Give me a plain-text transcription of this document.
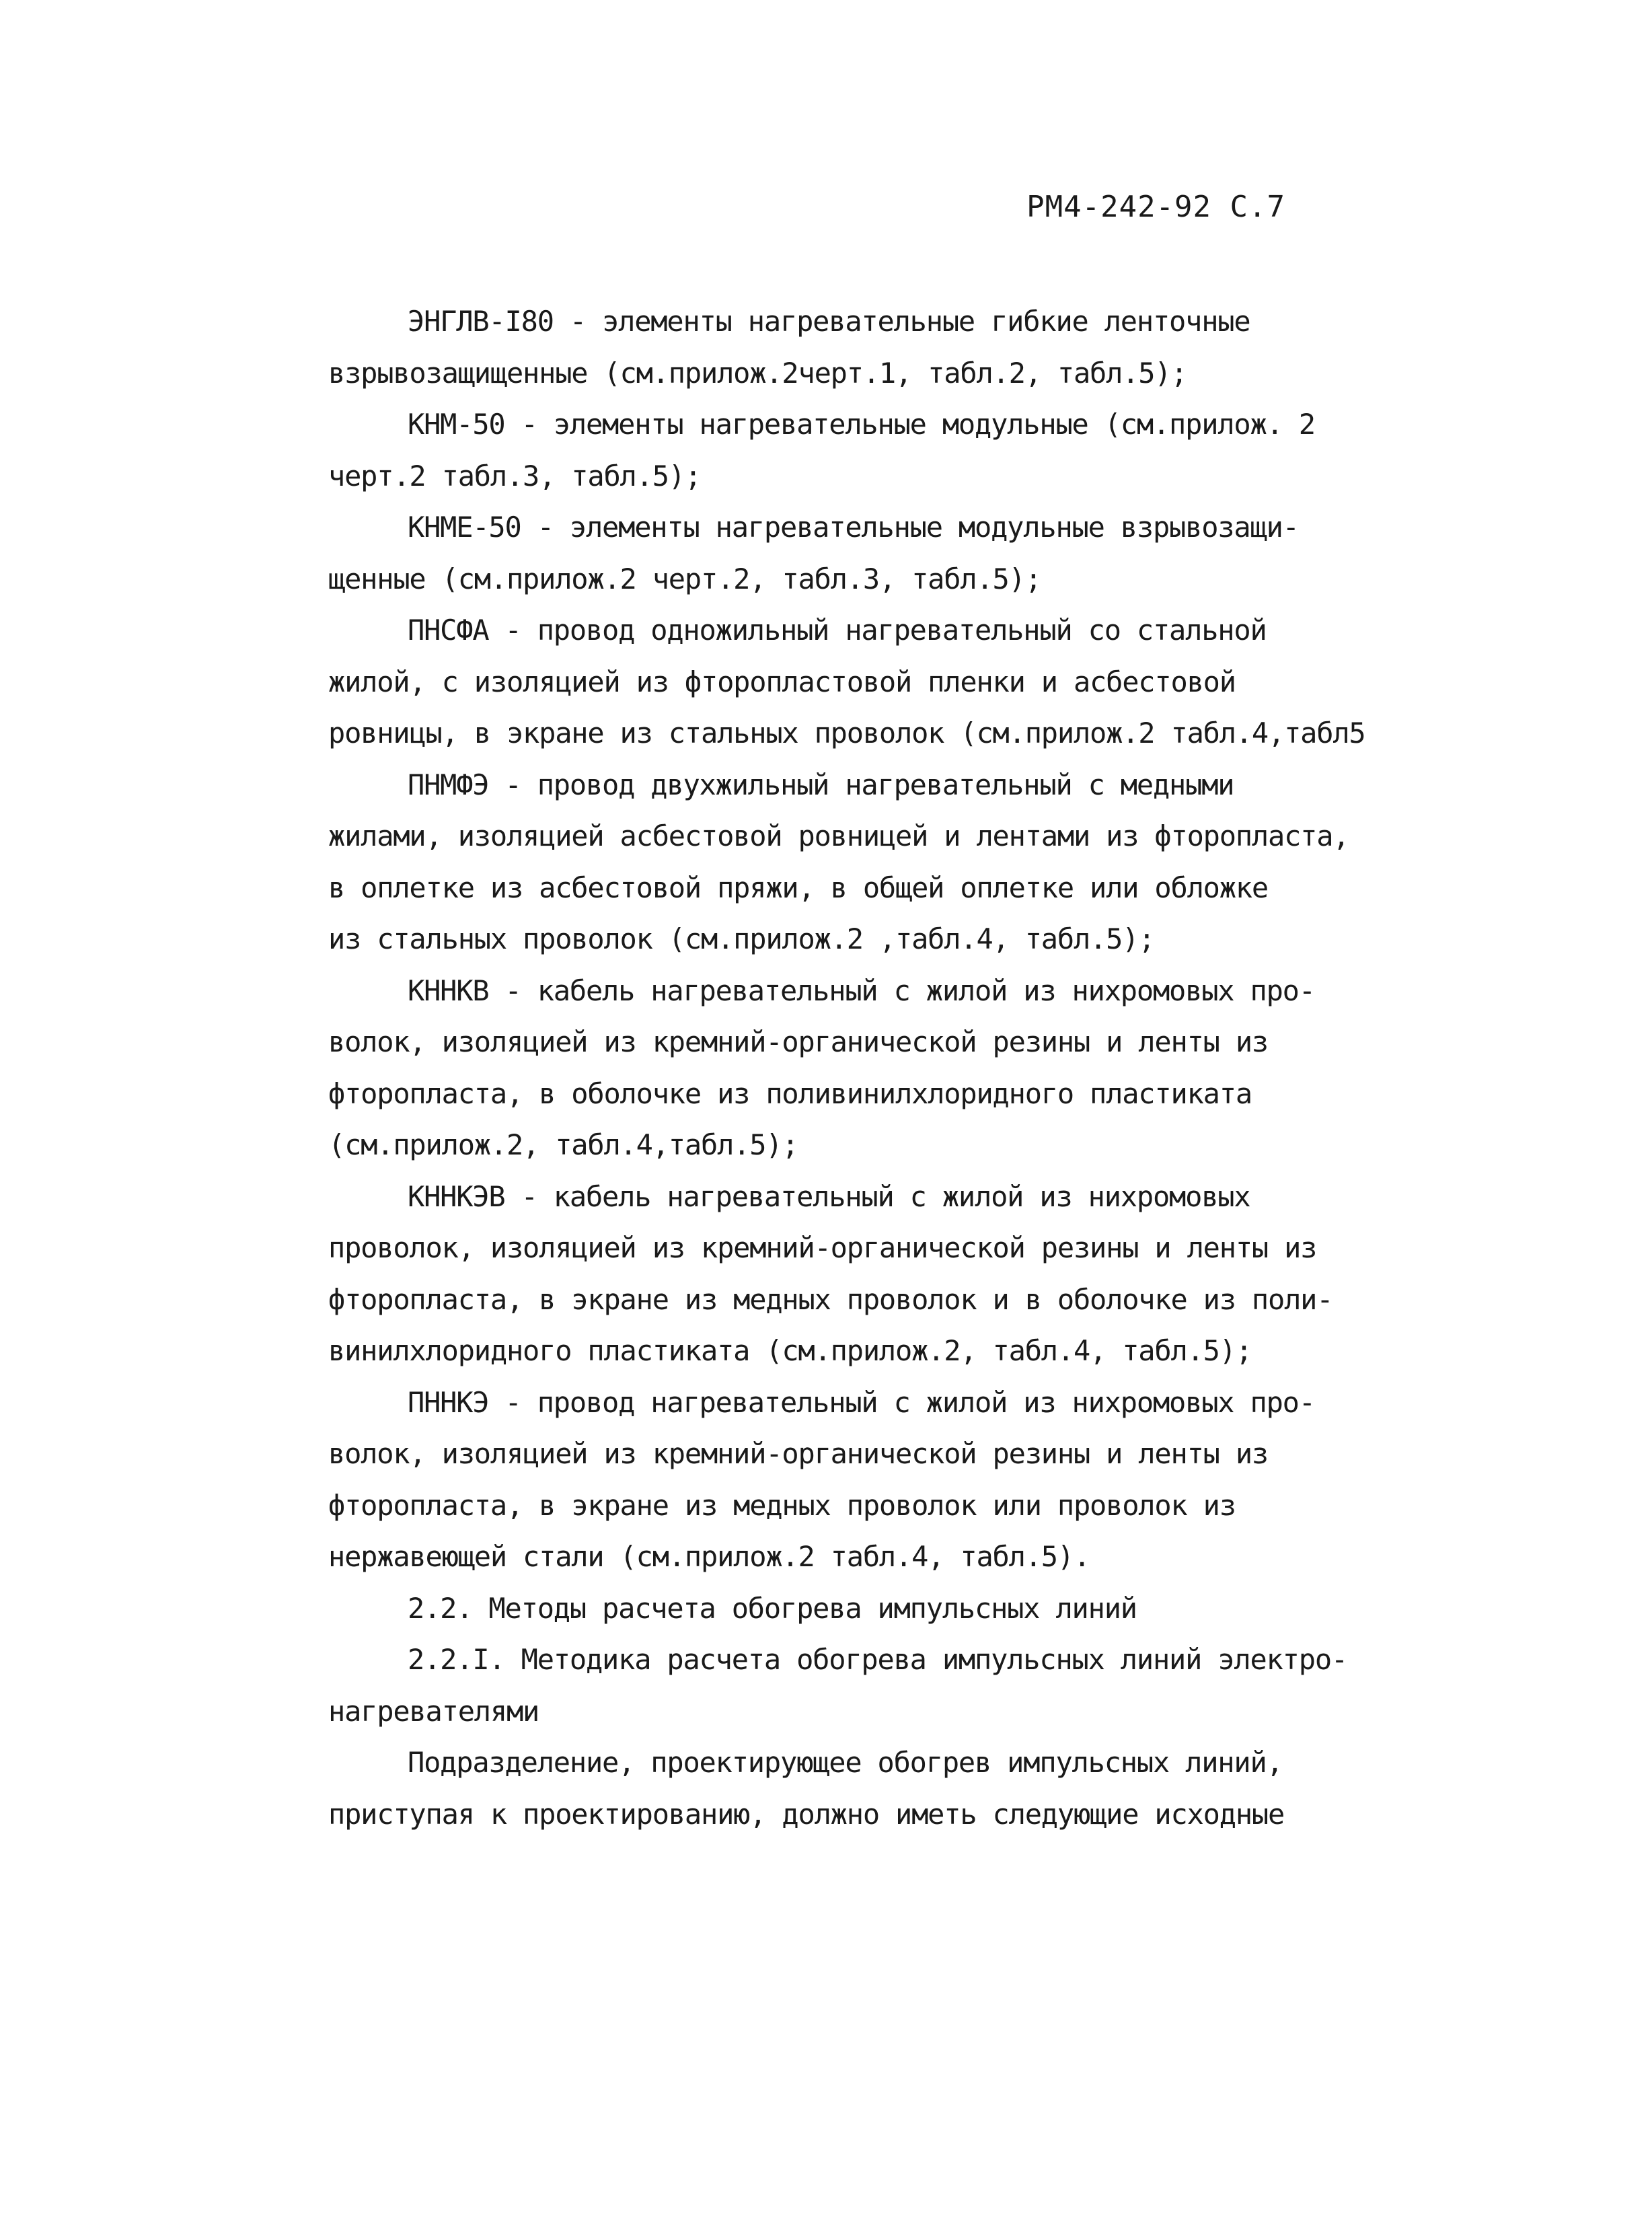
РМ4-242-92 С.7
ЭНГЛВ-I80 - элементы нагревательные гибкие ленточные
взрывозащищенные (см.прилож.2черт.1, табл.2, табл.5);
КНМ-50 - элементы нагревательные модульные (см.прилож. 2
черт.2 табл.3, табл.5);
КНМЕ-50 - элементы нагревательные модульные взрывозащи-
щенные (см.прилож.2 черт.2, табл.3, табл.5);
ПНСФА - провод одножильный нагревательный со стальной
жилой, с изоляцией из фторопластовой пленки и асбестовой
ровницы, в экране из стальных проволок (см.прилож.2 табл.4,табл5
ПНМФЭ - провод двухжильный нагревательный с медными
жилами, изоляцией асбестовой ровницей и лентами из фторопласта,
в оплетке из асбестовой пряжи, в общей оплетке или обложке
из стальных проволок (см.прилож.2 ,табл.4, табл.5);
КННКВ - кабель нагревательный с жилой из нихромовых про-
волок, изоляцией из кремний-органической резины и ленты из
фторопласта, в оболочке из поливинилхлоридного пластиката
(см.прилож.2, табл.4,табл.5);
КННКЭВ - кабель нагревательный с жилой из нихромовых
проволок, изоляцией из кремний-органической резины и ленты из
фторопласта, в экране из медных проволок и в оболочке из поли-
винилхлоридного пластиката (см.прилож.2, табл.4, табл.5);
ПННКЭ - провод нагревательный с жилой из нихромовых про-
волок, изоляцией из кремний-органической резины и ленты из
фторопласта, в экране из медных проволок или проволок из
нержавеющей стали (см.прилож.2 табл.4, табл.5).
2.2. Методы расчета обогрева импульсных линий
2.2.I. Методика расчета обогрева импульсных линий электро-
нагревателями
Подразделение, проектирующее обогрев импульсных линий,
приступая к проектированию, должно иметь следующие исходные
